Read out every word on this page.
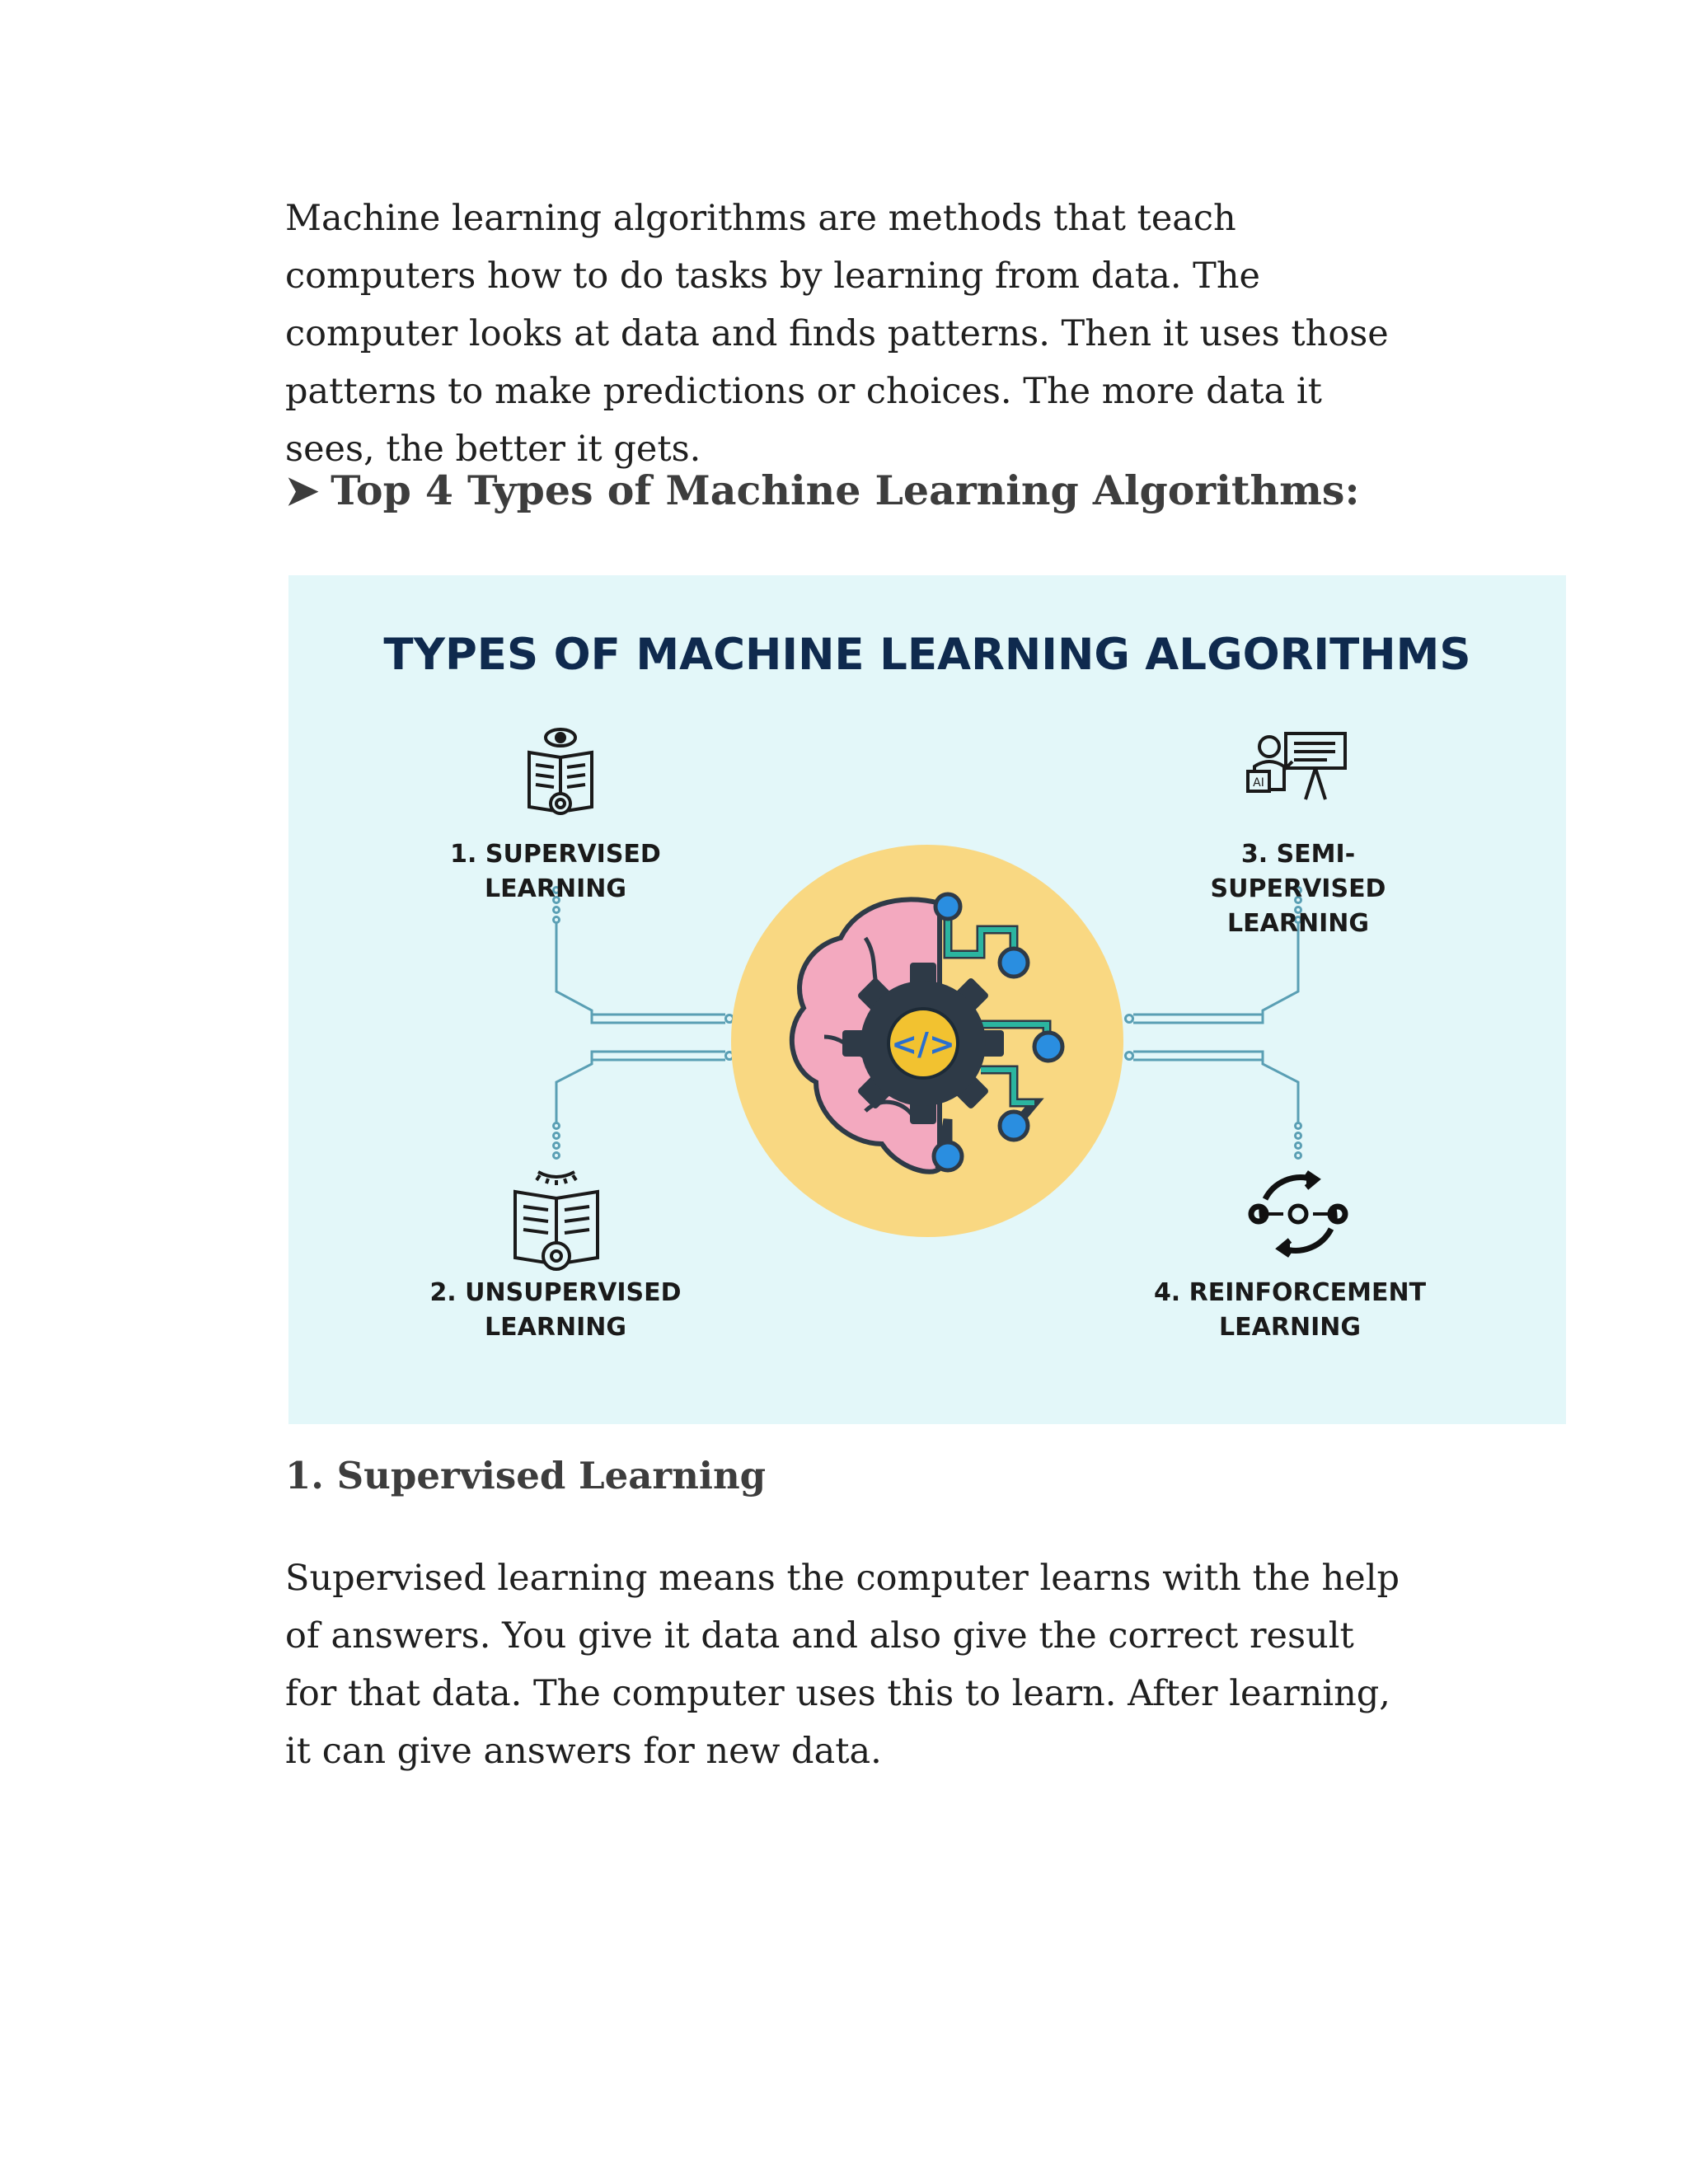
Machine learning algorithms are methods that teach computers how to do tasks by learning from data. The computer looks at data and finds patterns. Then it uses those patterns to make predictions or choices. The more data it sees, the better it gets.

➤ Top 4 Types of Machine Learning Algorithms:
</>
AI
TYPES OF MACHINE LEARNING ALGORITHMS
1. SUPERVISED
LEARNING
2. UNSUPERVISED
LEARNING
3. SEMI-SUPERVISED
LEARNING
4. REINFORCEMENT
LEARNING
1. Supervised Learning

Supervised learning means the computer learns with the help of answers. You give it data and also give the correct result for that data. The computer uses this to learn. After learning, it can give answers for new data.
